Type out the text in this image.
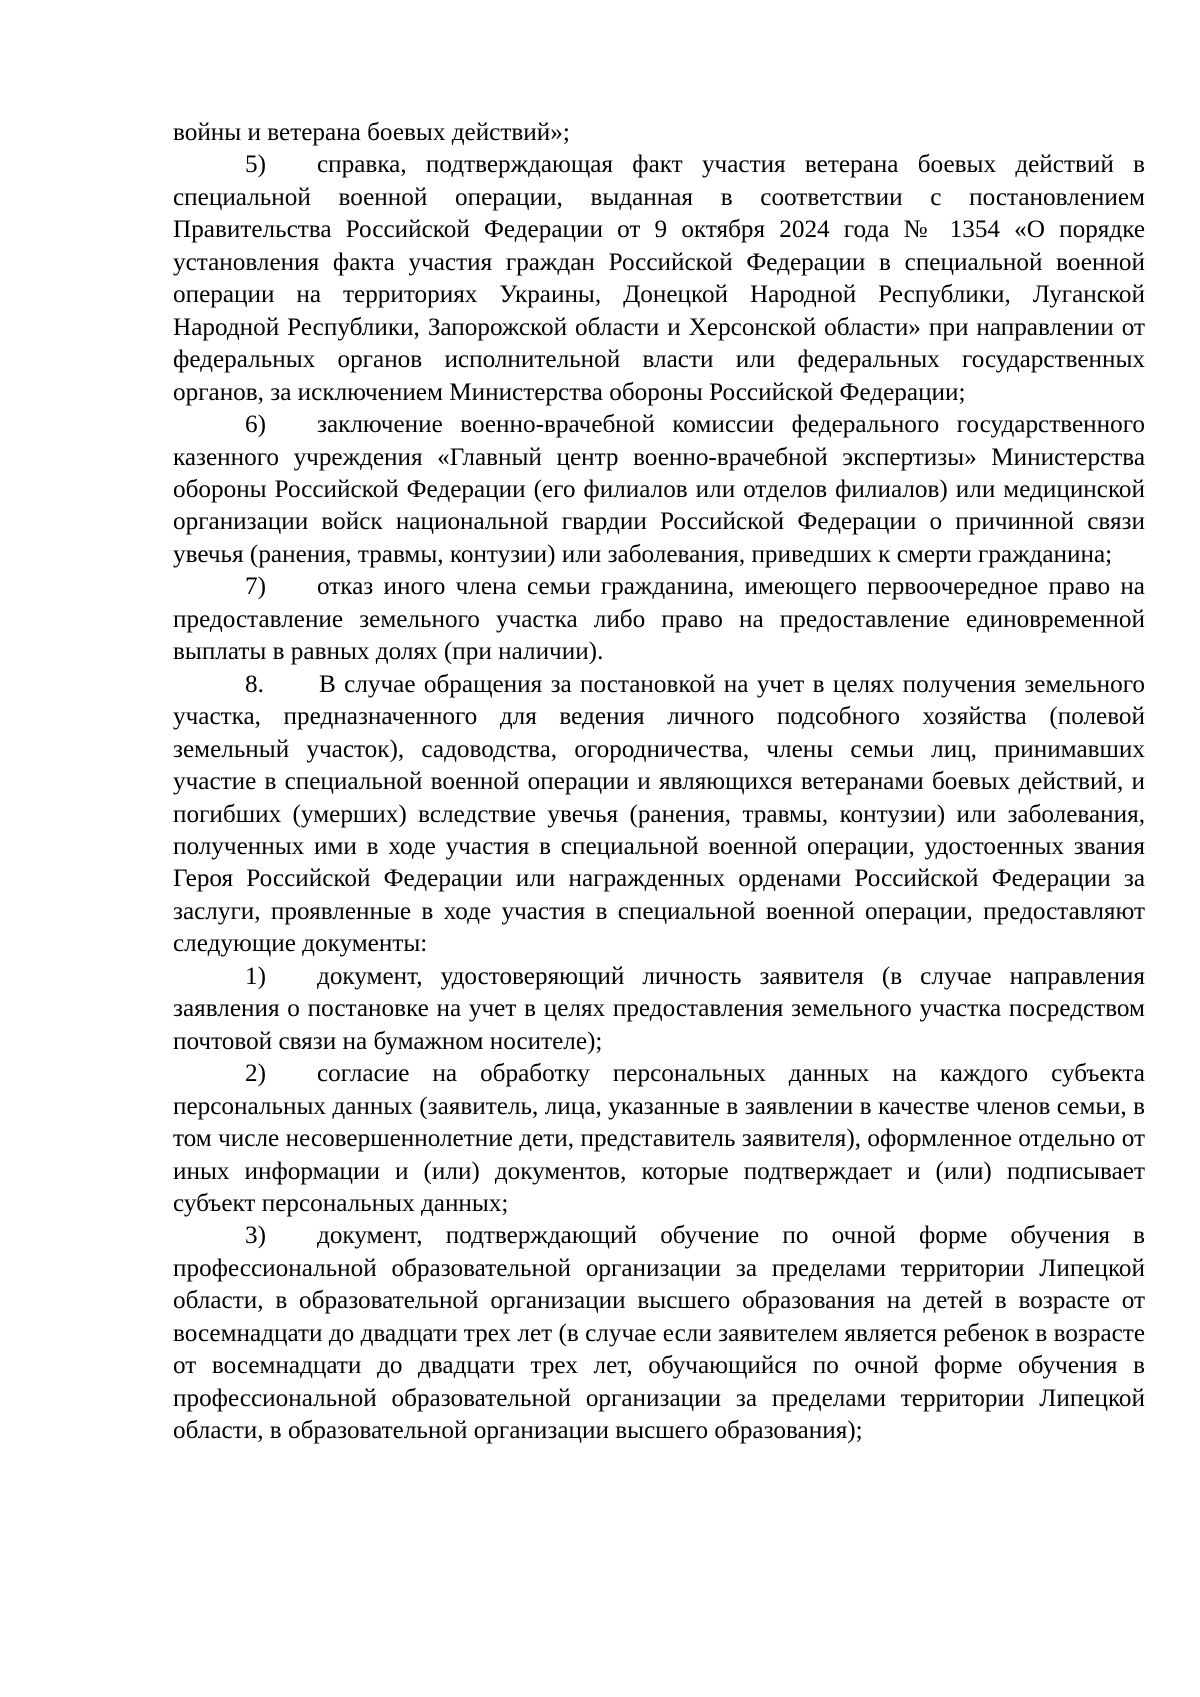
войны и ветерана боевых действий»;

5) справка, подтверждающая факт участия ветерана боевых действий в специальной военной операции, выданная в соответствии с постановлением Правительства Российской Федерации от 9 октября 2024 года № 1354 «О порядке установления факта участия граждан Российской Федерации в специальной военной операции на территориях Украины, Донецкой Народной Республики, Луганской Народной Республики, Запорожской области и Херсонской области» при направлении от федеральных органов исполнительной власти или федеральных государственных органов, за исключением Министерства обороны Российской Федерации;

6) заключение военно-врачебной комиссии федерального государственного казенного учреждения «Главный центр военно-врачебной экспертизы» Министерства обороны Российской Федерации (его филиалов или отделов филиалов) или медицинской организации войск национальной гвардии Российской Федерации о причинной связи увечья (ранения, травмы, контузии) или заболевания, приведших к смерти гражданина;

7) отказ иного члена семьи гражданина, имеющего первоочередное право на предоставление земельного участка либо право на предоставление единовременной выплаты в равных долях (при наличии).

8. В случае обращения за постановкой на учет в целях получения земельного участка, предназначенного для ведения личного подсобного хозяйства (полевой земельный участок), садоводства, огородничества, члены семьи лиц, принимавших участие в специальной военной операции и являющихся ветеранами боевых действий, и погибших (умерших) вследствие увечья (ранения, травмы, контузии) или заболевания, полученных ими в ходе участия в специальной военной операции, удостоенных звания Героя Российской Федерации или награжденных орденами Российской Федерации за заслуги, проявленные в ходе участия в специальной военной операции, предоставляют следующие документы:

1) документ, удостоверяющий личность заявителя (в случае направления заявления о постановке на учет в целях предоставления земельного участка посредством почтовой связи на бумажном носителе);

2) согласие на обработку персональных данных на каждого субъекта персональных данных (заявитель, лица, указанные в заявлении в качестве членов семьи, в том числе несовершеннолетние дети, представитель заявителя), оформленное отдельно от иных информации и (или) документов, которые подтверждает и (или) подписывает субъект персональных данных;

3) документ, подтверждающий обучение по очной форме обучения в профессиональной образовательной организации за пределами территории Липецкой области, в образовательной организации высшего образования на детей в возрасте от восемнадцати до двадцати трех лет (в случае если заявителем является ребенок в возрасте от восемнадцати до двадцати трех лет, обучающийся по очной форме обучения в профессиональной образовательной организации за пределами территории Липецкой области, в образовательной организации высшего образования);
